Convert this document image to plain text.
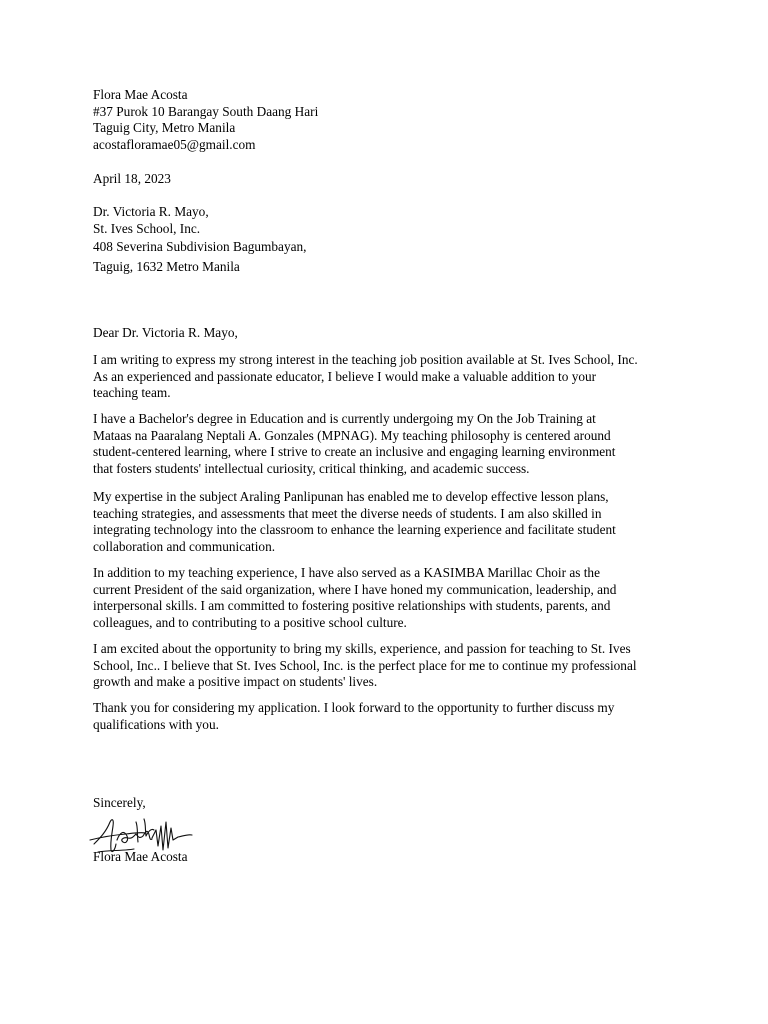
Flora Mae Acosta
#37 Purok 10 Barangay South Daang Hari
Taguig City, Metro Manila
acostafloramae05@gmail.com
April 18, 2023
Dr. Victoria R. Mayo,
St. Ives School, Inc.
408 Severina Subdivision Bagumbayan,
Taguig, 1632 Metro Manila
Dear Dr. Victoria R. Mayo,

I am writing to express my strong interest in the teaching job position available at St. Ives School, Inc.
As an experienced and passionate educator, I believe I would make a valuable addition to your
teaching team.

I have a Bachelor's degree in Education and is currently undergoing my On the Job Training at
Mataas na Paaralang Neptali A. Gonzales (MPNAG). My teaching philosophy is centered around
student-centered learning, where I strive to create an inclusive and engaging learning environment
that fosters students' intellectual curiosity, critical thinking, and academic success.

My expertise in the subject Araling Panlipunan has enabled me to develop effective lesson plans,
teaching strategies, and assessments that meet the diverse needs of students. I am also skilled in
integrating technology into the classroom to enhance the learning experience and facilitate student
collaboration and communication.

In addition to my teaching experience, I have also served as a KASIMBA Marillac Choir as the
current President of the said organization, where I have honed my communication, leadership, and
interpersonal skills. I am committed to fostering positive relationships with students, parents, and
colleagues, and to contributing to a positive school culture.

I am excited about the opportunity to bring my skills, experience, and passion for teaching to St. Ives
School, Inc.. I believe that St. Ives School, Inc. is the perfect place for me to continue my professional
growth and make a positive impact on students' lives.

Thank you for considering my application. I look forward to the opportunity to further discuss my
qualifications with you.

Sincerely,
Flora Mae Acosta
